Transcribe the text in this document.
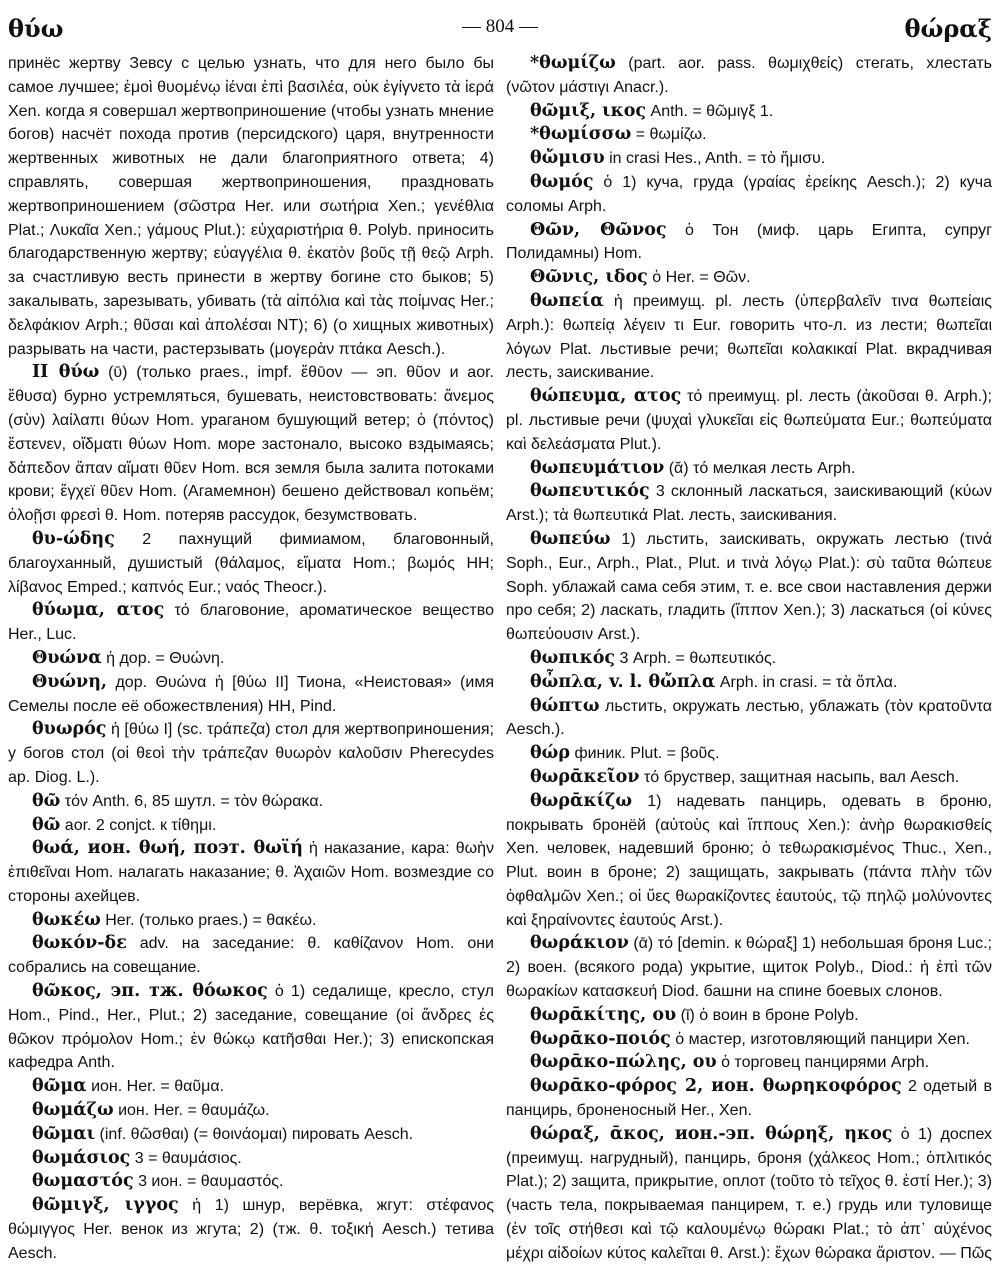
θύω	— 804 —	θώραξ

принёс жертву Зевсу с целью узнать, что для него было бы самое лучшее; ἐμοὶ θυομένῳ ἰέναι ἐπὶ βασιλέα, οὐκ ἐγίγνετο τὰ ἱερά Xen. когда я совершал жертвоприношение (чтобы узнать мнение богов) насчёт похода против (персидского) царя, внутренности жертвенных животных не дали благоприятного ответа; 4) справлять, совершая жертвоприношения, праздновать жертвоприношением (σῶστρα Her. или σωτήρια Xen.; γενέθλια Plat.; Λυκαῖα Xen.; γάμους Plut.): εὐχαριστήρια θ. Polyb. приносить благодарственную жертву; εὐαγγέλια θ. ἑκατὸν βοῦς τῇ θεῷ Arph. за счастливую весть принести в жертву богине сто быков; 5) закалывать, зарезывать, убивать (τὰ αἰπόλια καὶ τὰς ποίμνας Her.; δελφάκιον Arph.; θῦσαι καὶ ἀπολέσαι NT); 6) (о хищных животных) разрывать на части, растерзывать (μογερὰν πτάκα Aesch.).

II θύω (ῡ) (только praes., impf. ἔθῡον — эп. θῦον и aor. ἔθυσα) бурно устремляться, бушевать, неистовствовать: ἄνεμος (σὺν) λαίλαπι θύων Hom. ураганом бушующий ветер; ὁ (πόντος) ἔστενεν, οἴδματι θύων Hom. море застонало, высоко вздымаясь; δάπεδον ἅπαν αἵματι θῦεν Hom. вся земля была залита потоками крови; ἔγχεϊ θῦεν Hom. (Агамемнон) бешено действовал копьём; ὀλοῇσι φρεσὶ θ. Hom. потеряв рассудок, безумствовать.

θυ-ώδης 2 пахнущий фимиамом, благовонный, благоуханный, душистый (θάλαμος, εἵματα Hom.; βωμός HH; λίβανος Emped.; καπνός Eur.; ναός Theocr.).

θύωμα, ατος τό благовоние, ароматическое вещество Her., Luc.

Θυώνα ἡ дор. = Θυώνη.

Θυώνη, дор. Θυώνα ἡ [θύω II] Тиона, «Неистовая» (имя Семелы после её обожествления) HH, Pind.

θυωρός ἡ [θύω I] (sc. τράπεζα) стол для жертвоприношения; у богов стол (οἱ θεοὶ τὴν τράπεζαν θυωρὸν καλοῦσιν Pherecydes ap. Diog. L.).

θῶ τόν Anth. 6, 85 шутл. = τὸν θώρακα.

θῶ aor. 2 conjct. к τίθημι.

θωά, ион. θωή, поэт. θωϊή ἡ наказание, кара: θωὴν ἐπιθεῖναι Hom. налагать наказание; θ. Ἀχαιῶν Hom. возмездие со стороны ахейцев.

θωκέω Her. (только praes.) = θακέω.

θωκόν-δε adv. на заседание: θ. καθίζανον Hom. они собрались на совещание.

θῶκος, эп. тж. θόωκος ὁ 1) седалище, кресло, стул Hom., Pind., Her., Plut.; 2) заседание, совещание (οἱ ἄνδρες ἐς θῶκον πρόμολον Hom.; ἐν θώκῳ κατῆσθαι Her.); 3) епископская кафедра Anth.

θῶμα ион. Her. = θαῦμα.

θωμάζω ион. Her. = θαυμάζω.

θῶμαι (inf. θῶσθαι) (= θοινάομαι) пировать Aesch.

θωμάσιος 3 = θαυμάσιος.

θωμαστός 3 ион. = θαυμαστός.

θῶμιγξ, ιγγος ἡ 1) шнур, верёвка, жгут: στέφανος θώμιγγος Her. венок из жгута; 2) (тж. θ. τοξική Aesch.) тетива Aesch.

*θωμίζω (part. aor. pass. θωμιχθείς) стегать, хлестать (νῶτον μάστιγι Anacr.).

θῶμιξ, ικος Anth. = θῶμιγξ 1.

*θωμίσσω = θωμίζω.

θὤμισυ in crasi Hes., Anth. = τὸ ἥμισυ.

θωμός ὁ 1) куча, груда (γραίας ἐρείκης Aesch.); 2) куча соломы Arph.

Θῶν, Θῶνος ὁ Тон (миф. царь Египта, супруг Полидамны) Hom.

Θῶνις, ιδος ὁ Her. = Θῶν.

θωπεία ἡ преимущ. pl. лесть (ὑπερβαλεῖν τινα θωπείαις Arph.): θωπείᾳ λέγειν τι Eur. говорить что-л. из лести; θωπεῖαι λόγων Plat. льстивые речи; θωπεῖαι κολακικαί Plat. вкрадчивая лесть, заискивание.

θώπευμα, ατος τό преимущ. pl. лесть (ἀκοῦσαι θ. Arph.); pl. льстивые речи (ψυχαὶ γλυκεῖαι εἰς θωπεύματα Eur.; θωπεύματα καὶ δελεάσματα Plut.).

θωπευμάτιον (ᾰ) τό мелкая лесть Arph.

θωπευτικός 3 склонный ласкаться, заискивающий (κύων Arst.); τὰ θωπευτικά Plat. лесть, заискивания.

θωπεύω 1) льстить, заискивать, окружать лестью (τινά Soph., Eur., Arph., Plat., Plut. и τινὰ λόγῳ Plat.): σὺ ταῦτα θώπευε Soph. ублажай сама себя этим, т. е. все свои наставления держи про себя; 2) ласкать, гладить (ἵππον Xen.); 3) ласкаться (οἱ κύνες θωπεύουσιν Arst.).

θωπικός 3 Arph. = θωπευτικός.

θὦπλα, v. l. θὤπλα Arph. in crasi. = τὰ ὅπλα.

θώπτω льстить, окружать лестью, ублажать (τὸν κρατοῦντα Aesch.).

θώρ финик. Plut. = βοῦς.

θωρᾱκεῖον τό бруствер, защитная насыпь, вал Aesch.

θωρᾱκίζω 1) надевать панцирь, одевать в броню, покрывать бронёй (αὐτοὺς καὶ ἵππους Xen.): ἀνὴρ θωρακισθείς Xen. человек, надевший броню; ὁ τεθωρακισμένος Thuc., Xen., Plut. воин в броне; 2) защищать, закрывать (πάντα πλὴν τῶν ὀφθαλμῶν Xen.; οἱ ὕες θωρακίζοντες ἑαυτούς, τῷ πηλῷ μολύνοντες καὶ ξηραίνοντες ἑαυτούς Arst.).

θωράκιον (ᾱ) τό [demin. к θώραξ] 1) небольшая броня Luc.; 2) воен. (всякого рода) укрытие, щиток Polyb., Diod.: ἡ ἐπὶ τῶν θωρακίων κατασκευή Diod. башни на спине боевых слонов.

θωρᾱκίτης, ου (ῑ) ὁ воин в броне Polyb.

θωρᾱκο-ποιός ὁ мастер, изготовляющий панцири Xen.

θωρᾱκο-πώλης, ου ὁ торговец панцирями Arph.

θωρᾱκο-φόρος 2, ион. θωρηκοφόρος 2 одетый в панцирь, броненосный Her., Xen.

θώραξ, ᾱκος, ион.-эп. θώρηξ, ηκος ὁ 1) доспех (преимущ. нагрудный), панцирь, броня (χάλκεος Hom.; ὁπλιτικός Plat.); 2) защита, прикрытие, оплот (τοῦτο τὸ τεῖχος θ. ἐστί Her.); 3) (часть тела, покрываемая панцирем, т. е.) грудь или туловище (ἐν τοῖς στήθεσι καὶ τῷ καλουμένῳ θώρακι Plat.; τὸ ἀπ᾽ αὐχένος μέχρι αἰδοίων κύτος καλεῖται θ. Arst.): ἔχων θώρακα ἄριστον. — Πῶς
